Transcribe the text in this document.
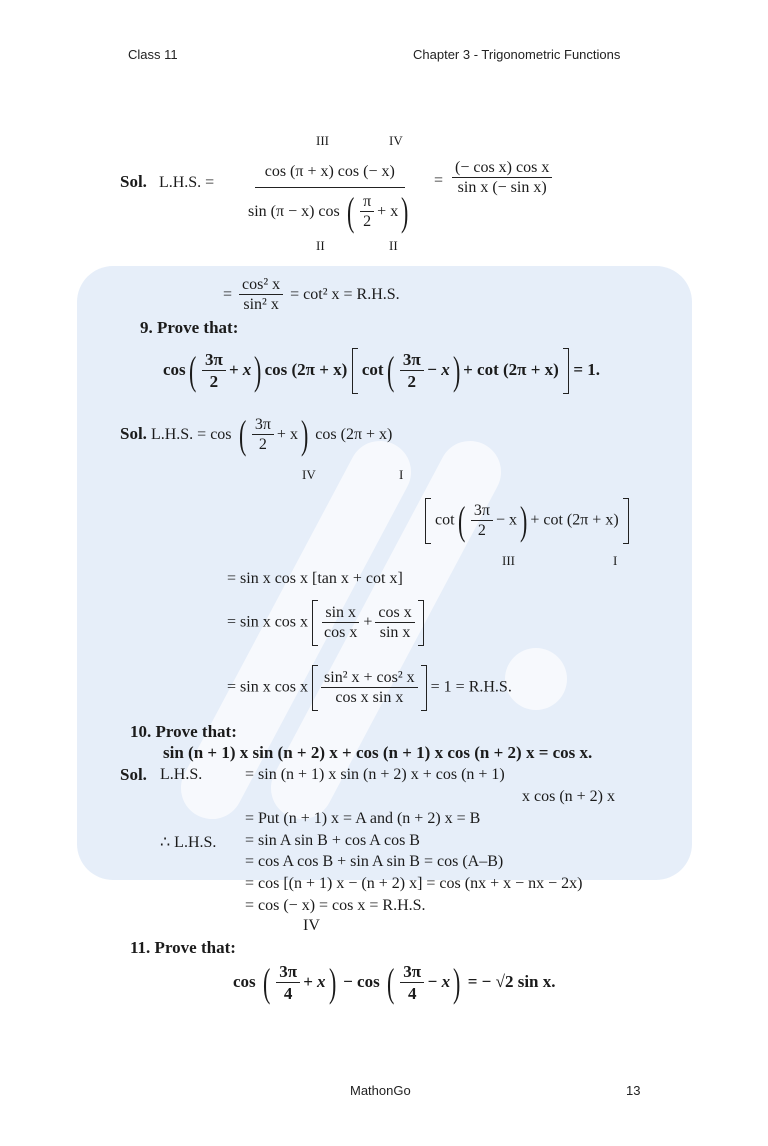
Class 11	Chapter 3 - Trigonometric Functions
III	IV
Sol. L.H.S. = $\frac{\cos (\pi + x) \cos (- x)}{\sin (\pi - x) \cos ( \frac{\pi}{2} + x)} = \frac{\text{(− cos x) cos x}}{\text{sin x (− sin x)}}$
II	II
= $\frac{\text{cos² x}}{\text{sin² x}} = \cot^2$ x = R.H.S.
9. Prove that:
$\cos( \frac{3\pi}{2} + x)$ cos (2π + x) $\cot( \frac{3\pi}{2} - x) + \cot (2\pi + x) = 1$.
Sol. L.H.S. = cos ( $\frac{3\pi}{2} + x$) cos (2π + x)
IV	I
$\cot( \frac{3\pi}{2} - x) + \cot (2\pi + x)$
III	I
= sin x cos x [tan x + cot x]
= sin x cos x $\frac{\text{sin x}}{\text{cos x}} + \frac{\text{cos x}}{\text{sin x}}$
= sin x cos x $\frac{\text{sin² x + cos² x}}{\text{cos x sin x}} = 1 = R.H.S$.
10. Prove that:
sin (n + 1) x sin (n + 2) x + cos (n + 1) x cos (n + 2) x = cos x.
Sol. L.H.S.	= sin (n + 1) x sin (n + 2) x + cos (n + 1)
x cos (n + 2) x
= Put (n + 1) x = A and (n + 2) x = B
∴ L.H.S. = sin A sin B + cos A cos B
= cos A cos B + sin A sin B = cos (A–B)
= cos [(n + 1) x − (n + 2) x] = cos (nx + x − nx − 2x)
= cos (− x) = cos x = R.H.S.
IV
11. Prove that:
cos ( $\frac{3\pi}{4} + x) - \cos$ ( $\frac{3\pi}{4} - x$) = − √2 sin x.
MathonGo	13
